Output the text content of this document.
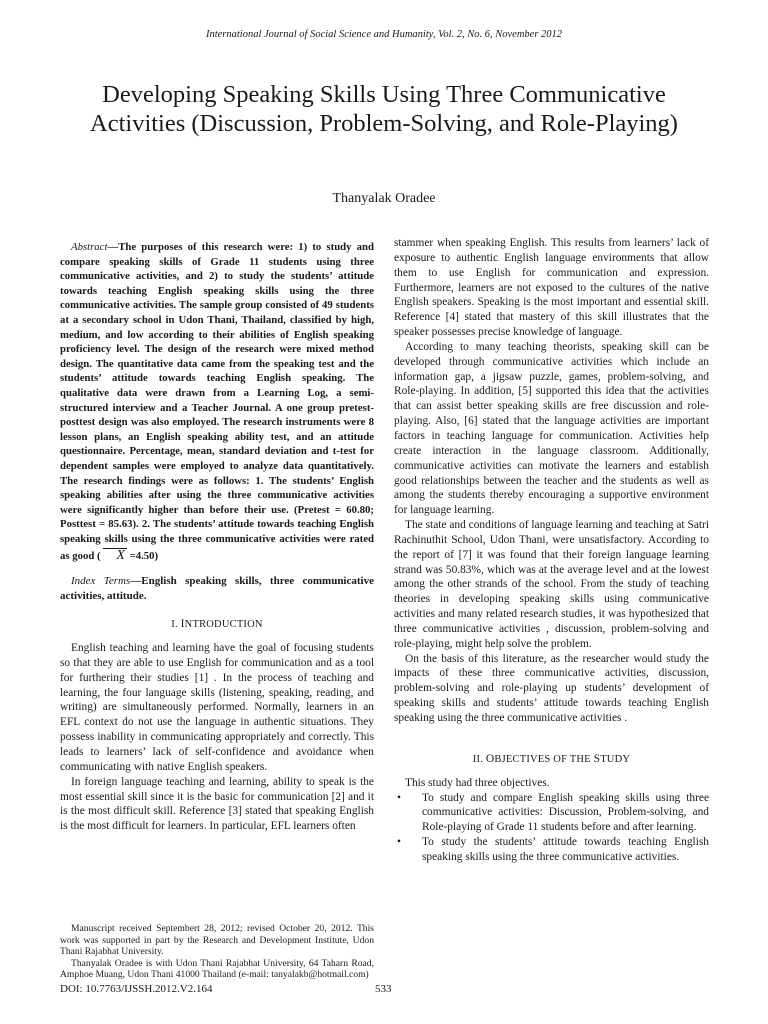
International Journal of Social Science and Humanity, Vol. 2, No. 6, November 2012
Developing Speaking Skills Using Three Communicative Activities (Discussion, Problem-Solving, and Role-Playing)
Thanyalak Oradee

Abstract—The purposes of this research were: 1) to study and compare speaking skills of Grade 11 students using three communicative activities, and 2) to study the students’ attitude towards teaching English speaking skills using the three communicative activities. The sample group consisted of 49 students at a secondary school in Udon Thani, Thailand, classified by high, medium, and low according to their abilities of English speaking proficiency level. The design of the research were mixed method design. The quantitative data came from the speaking test and the students’ attitude towards teaching English speaking. The qualitative data were drawn from a Learning Log, a semi-structured interview and a Teacher Journal. A one group pretest-posttest design was also employed. The research instruments were 8 lesson plans, an English speaking ability test, and an attitude questionnaire. Percentage, mean, standard deviation and t-test for dependent samples were employed to analyze data quantitatively. The research findings were as follows: 1. The students’ English speaking abilities after using the three communicative activities were significantly higher than before their use. (Pretest = 60.80; Posttest = 85.63). 2. The students’ attitude towards teaching English speaking skills using the three communicative activities were rated as good ( X =4.50)

Index Terms—English speaking skills, three communicative activities, attitude.

I. INTRODUCTION

English teaching and learning have the goal of focusing students so that they are able to use English for communication and as a tool for furthering their studies [1] . In the process of teaching and learning, the four language skills (listening, speaking, reading, and writing) are simultaneously performed. Normally, learners in an EFL context do not use the language in authentic situations. They possess inability in communicating appropriately and correctly. This leads to learners’ lack of self-confidence and avoidance when communicating with native English speakers.

In foreign language teaching and learning, ability to speak is the most essential skill since it is the basic for communication [2] and it is the most difficult skill. Reference [3] stated that speaking English is the most difficult for learners. In particular, EFL learners often

stammer when speaking English. This results from learners’ lack of exposure to authentic English language environments that allow them to use English for communication and expression. Furthermore, learners are not exposed to the cultures of the native English speakers. Speaking is the most important and essential skill. Reference [4] stated that mastery of this skill illustrates that the speaker possesses precise knowledge of language.

According to many teaching theorists, speaking skill can be developed through communicative activities which include an information gap, a jigsaw puzzle, games, problem-solving, and Role-playing. In addition, [5] supported this idea that the activities that can assist better speaking skills are free discussion and role-playing. Also, [6] stated that the language activities are important factors in teaching language for communication. Activities help create interaction in the language classroom. Additionally, communicative activities can motivate the learners and establish good relationships between the teacher and the students as well as among the students thereby encouraging a supportive environment for language learning.

The state and conditions of language learning and teaching at Satri Rachinuthit School, Udon Thani, were unsatisfactory. According to the report of [7] it was found that their foreign language learning strand was 50.83%, which was at the average level and at the lowest among the other strands of the school. From the study of teaching theories in developing speaking skills using communicative activities and many related research studies, it was hypothesized that three communicative activities , discussion, problem-solving and role-playing, might help solve the problem.

On the basis of this literature, as the researcher would study the impacts of these three communicative activities, discussion, problem-solving and role-playing up students’ development of speaking skills and students’ attitude towards teaching English speaking using the three communicative activities .

II. OBJECTIVES OF THE STUDY

This study had three objectives.

• To study and compare English speaking skills using three communicative activities: Discussion, Problem-solving, and Role-playing of Grade 11 students before and after learning.
• To study the students’ attitude towards teaching English speaking skills using the three communicative activities.

Manuscript received Septembert 28, 2012; revised October 20, 2012. This work was supported in part by the Research and Development Institute, Udon Thani Rajabhat University.

Thanyalak Oradee is with Udon Thani Rajabhat University, 64 Taharn Road, Amphoe Muang, Udon Thani 41000 Thailand (e-mail: tanyalakb@hotmail.com)

DOI: 10.7763/IJSSH.2012.V2.164	533
